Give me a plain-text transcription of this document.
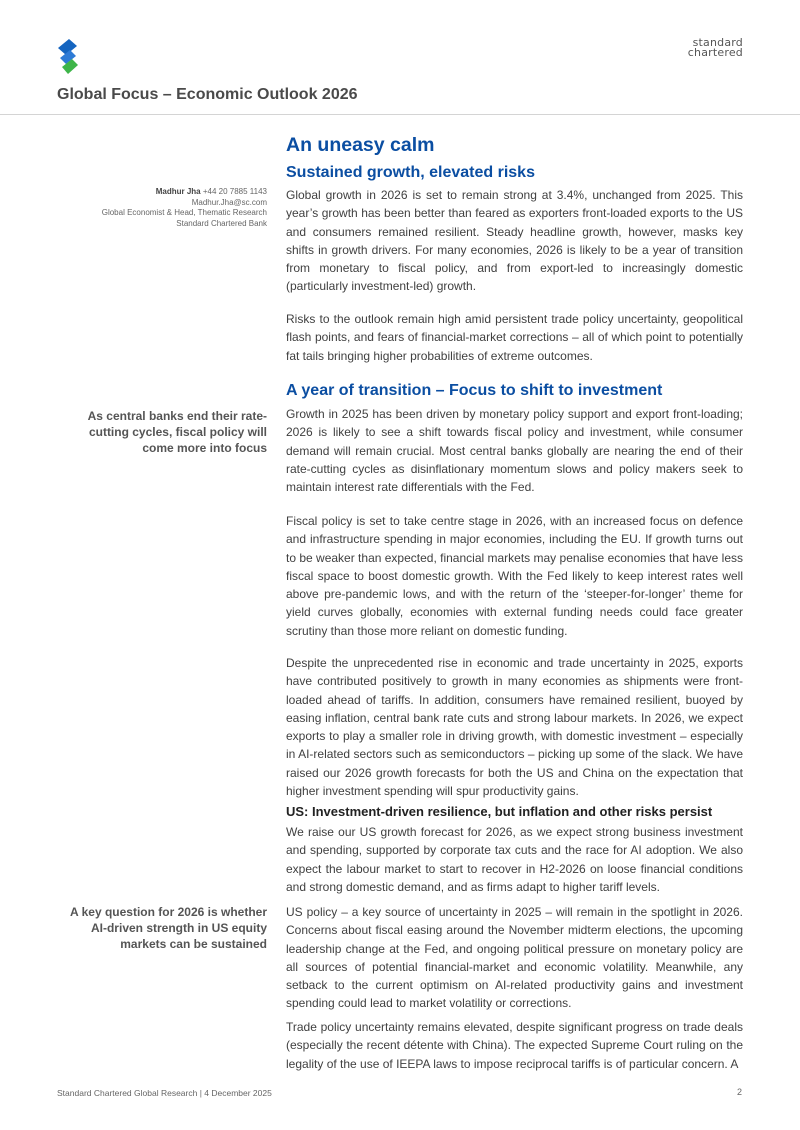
standard
chartered
Global Focus – Economic Outlook 2026
Madhur Jha +44 20 7885 1143
Madhur.Jha@sc.com
Global Economist & Head, Thematic Research
Standard Chartered Bank
As central banks end their rate-cutting cycles, fiscal policy will come more into focus
A key question for 2026 is whether AI-driven strength in US equity markets can be sustained
An uneasy calm
Sustained growth, elevated risks

Global growth in 2026 is set to remain strong at 3.4%, unchanged from 2025. This year’s growth has been better than feared as exporters front-loaded exports to the US and consumers remained resilient. Steady headline growth, however, masks key shifts in growth drivers. For many economies, 2026 is likely to be a year of transition from monetary to fiscal policy, and from export-led to increasingly domestic (particularly investment-led) growth.

Risks to the outlook remain high amid persistent trade policy uncertainty, geopolitical flash points, and fears of financial-market corrections – all of which point to potentially fat tails bringing higher probabilities of extreme outcomes.

A year of transition – Focus to shift to investment

Growth in 2025 has been driven by monetary policy support and export front-loading; 2026 is likely to see a shift towards fiscal policy and investment, while consumer demand will remain crucial. Most central banks globally are nearing the end of their rate-cutting cycles as disinflationary momentum slows and policy makers seek to maintain interest rate differentials with the Fed.

Fiscal policy is set to take centre stage in 2026, with an increased focus on defence and infrastructure spending in major economies, including the EU. If growth turns out to be weaker than expected, financial markets may penalise economies that have less fiscal space to boost domestic growth. With the Fed likely to keep interest rates well above pre-pandemic lows, and with the return of the ‘steeper-for-longer’ theme for yield curves globally, economies with external funding needs could face greater scrutiny than those more reliant on domestic funding.

Despite the unprecedented rise in economic and trade uncertainty in 2025, exports have contributed positively to growth in many economies as shipments were front-loaded ahead of tariffs. In addition, consumers have remained resilient, buoyed by easing inflation, central bank rate cuts and strong labour markets. In 2026, we expect exports to play a smaller role in driving growth, with domestic investment – especially in AI-related sectors such as semiconductors – picking up some of the slack. We have raised our 2026 growth forecasts for both the US and China on the expectation that higher investment spending will spur productivity gains.

US: Investment-driven resilience, but inflation and other risks persist

We raise our US growth forecast for 2026, as we expect strong business investment and spending, supported by corporate tax cuts and the race for AI adoption. We also expect the labour market to start to recover in H2-2026 on loose financial conditions and strong domestic demand, and as firms adapt to higher tariff levels.

US policy – a key source of uncertainty in 2025 – will remain in the spotlight in 2026. Concerns about fiscal easing around the November midterm elections, the upcoming leadership change at the Fed, and ongoing political pressure on monetary policy are all sources of potential financial-market and economic volatility. Meanwhile, any setback to the current optimism on AI-related productivity gains and investment spending could lead to market volatility or corrections.

Trade policy uncertainty remains elevated, despite significant progress on trade deals (especially the recent détente with China). The expected Supreme Court ruling on the legality of the use of IEEPA laws to impose reciprocal tariffs is of particular concern. A

Standard Chartered Global Research | 4 December 2025	2
